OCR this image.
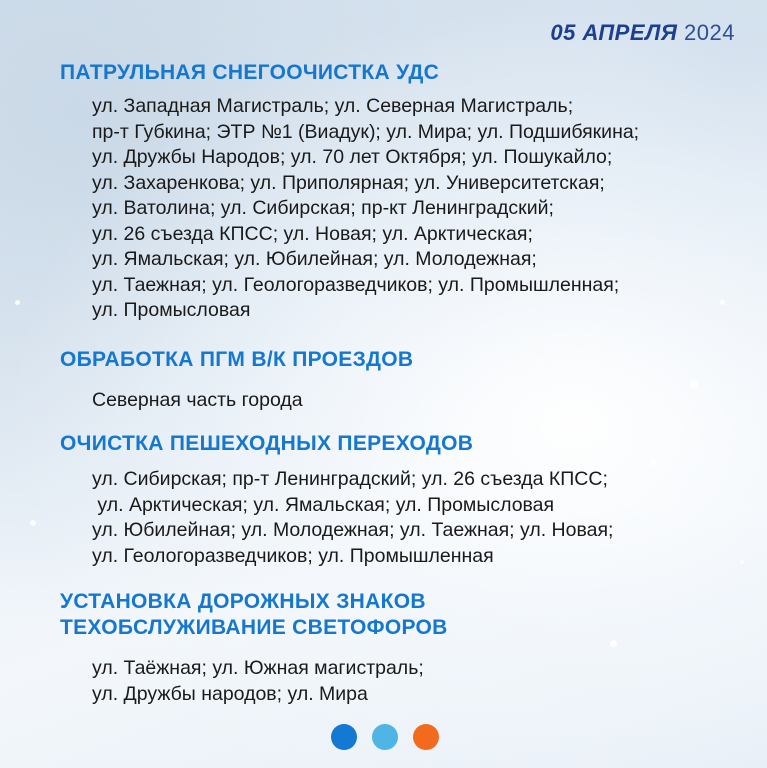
05 АПРЕЛЯ 2024
ПАТРУЛЬНАЯ СНЕГООЧИСТКА УДС
ул. Западная Магистраль; ул. Северная Магистраль;
пр-т Губкина; ЭТР №1 (Виадук); ул. Мира; ул. Подшибякина;
ул. Дружбы Народов; ул. 70 лет Октября; ул. Пошукайло;
ул. Захаренкова; ул. Приполярная; ул. Университетская;
ул. Ватолина; ул. Сибирская; пр-кт Ленинградский;
ул. 26 съезда КПСС; ул. Новая; ул. Арктическая;
ул. Ямальская; ул. Юбилейная; ул. Молодежная;
ул. Таежная; ул. Геологоразведчиков; ул. Промышленная;
ул. Промысловая
ОБРАБОТКА ПГМ В/К ПРОЕЗДОВ
Северная часть города
ОЧИСТКА ПЕШЕХОДНЫХ ПЕРЕХОДОВ
ул. Сибирская; пр-т Ленинградский; ул. 26 съезда КПСС;
ул. Арктическая; ул. Ямальская; ул. Промысловая
ул. Юбилейная; ул. Молодежная; ул. Таежная; ул. Новая;
ул. Геологоразведчиков; ул. Промышленная
УСТАНОВКА ДОРОЖНЫХ ЗНАКОВ
ТЕХОБСЛУЖИВАНИЕ СВЕТОФОРОВ
ул. Таёжная; ул. Южная магистраль;
ул. Дружбы народов; ул. Мира
